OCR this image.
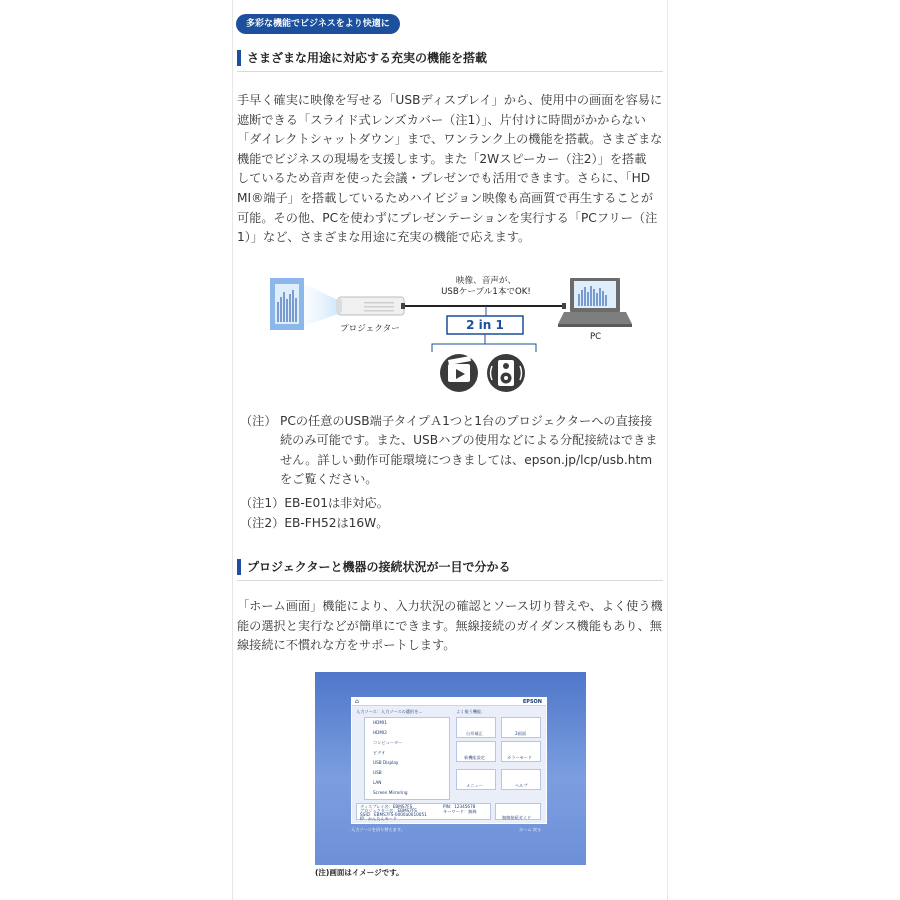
多彩な機能でビジネスをより快適に
さまざまな用途に対応する充実の機能を搭載
手早く確実に映像を写せる「USBディスプレイ」から、使用中の画面を容易に
遮断できる「スライド式レンズカバー（注1）」、片付けに時間がかからない
「ダイレクトシャットダウン」まで、ワンランク上の機能を搭載。さまざまな
機能でビジネスの現場を支援します。また「2Wスピーカー（注2）」を搭載
しているため音声を使った会議・プレゼンでも活用できます。さらに、「HD
MI®端子」を搭載しているためハイビジョン映像も高画質で再生することが
可能。その他、PCを使わずにプレゼンテーションを実行する「PCフリー（注
1）」など、さまざまな用途に充実の機能で応えます。
映像、音声が、
USBケーブル1本でOK!
プロジェクター
PC
2 in 1
（注） PCの任意のUSB端子タイプＡ1つと1台のプロジェクターへの直接接
続のみ可能です。また、USBハブの使用などによる分配接続はできま
せん。詳しい動作可能環境につきましては、epson.jp/lcp/usb.htm
をご覧ください。
（注1）EB-E01は非対応。
（注2）EB-FH52は16W。
プロジェクターと機器の接続状況が一目で分かる
「ホーム画面」機能により、入力状況の確認とソース切り替えや、よく使う機
能の選択と実行などが簡単にできます。無線接続のガイダンス機能もあり、無
線接続に不慣れな方をサポートします。
⌂	EPSON
入力ソース：入力ソースの選択を...	よく使う機能：
HDMI1
HDMI2
コンピューター
ビデオ
USB Display
USB
LAN
Screen Mirroring
台形補正	2画面
新機能設定	カラーモード
メニュー	ヘルプ
ディスプレイ名：EBMS7FS
プロジェクター名：EBMS7FS
SSID：EBMS7FS-0000a0010051
IP：かんたんモード
PIN：12345678
キーワード：無線
無線接続ガイド
入力ソースを切り替えます。	ホーム 戻る
(注)画面はイメージです。
